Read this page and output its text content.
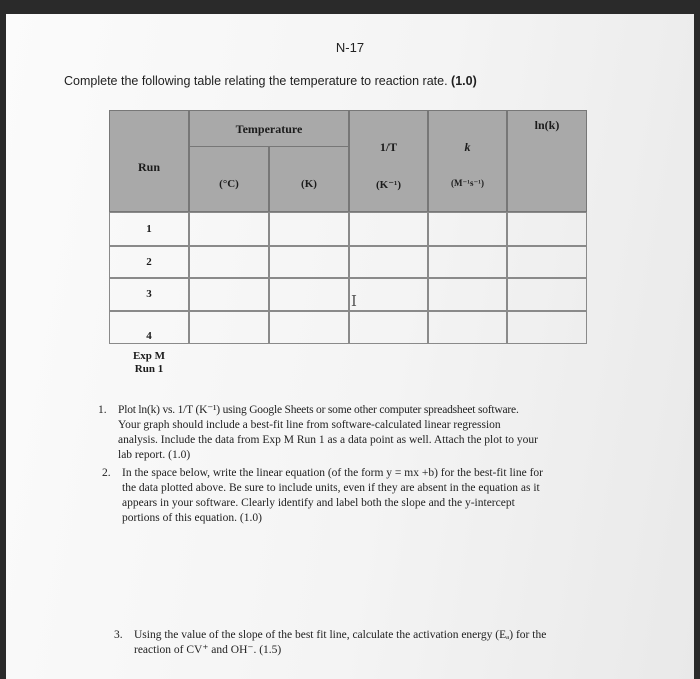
N-17
Complete the following table relating the temperature to reaction rate. (1.0)
Temperature
Run
(°C)	(K)
1/T
(K⁻¹)
k
(M⁻¹s⁻¹)
ln(k)
1
2
3
4
Exp M
Run 1
I
1. Plot ln(k) vs. 1/T (K⁻¹) using Google Sheets or some other computer spreadsheet software.
Your graph should include a best-fit line from software-calculated linear regression
analysis. Include the data from Exp M Run 1 as a data point as well. Attach the plot to your
lab report. (1.0)
2. In the space below, write the linear equation (of the form y = mx +b) for the best-fit line for
the data plotted above. Be sure to include units, even if they are absent in the equation as it
appears in your software. Clearly identify and label both the slope and the y-intercept
portions of this equation. (1.0)
3. Using the value of the slope of the best fit line, calculate the activation energy (Eₐ) for the
reaction of CV⁺ and OH⁻. (1.5)
